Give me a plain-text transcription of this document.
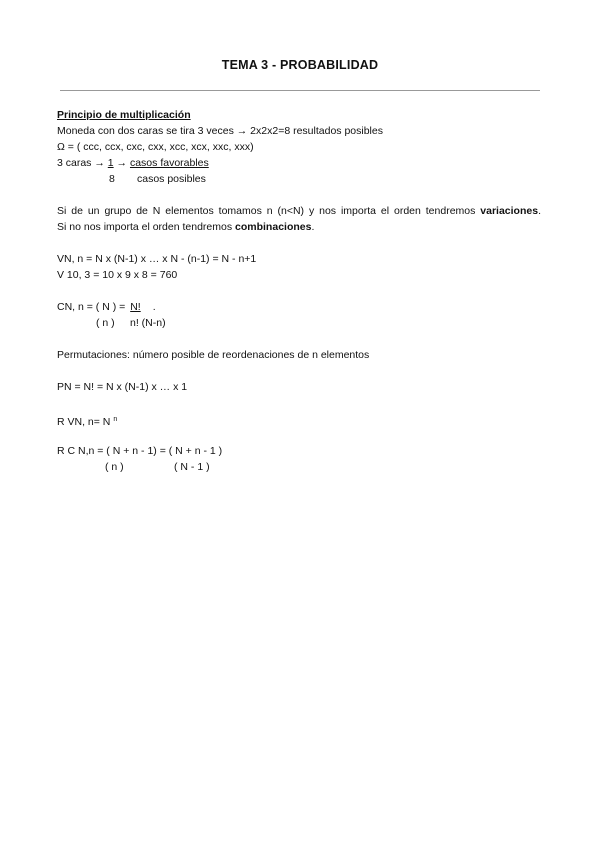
TEMA 3 - PROBABILIDAD
Principio de multiplicación
Moneda con dos caras se tira 3 veces → 2x2x2=8 resultados posibles
Ω = ( ccc, ccx, cxc, cxx, xcc, xcx, xxc, xxx)
3 caras → 1 → casos favorables
8 casos posibles
Si de un grupo de N elementos tomamos n (n<N) y nos importa el orden tendremos variaciones.
Si no nos importa el orden tendremos combinaciones.
VN, n = N x (N-1) x … x N - (n-1) = N - n+1
V 10, 3 = 10 x 9 x 8 = 760
CN, n = ( N ) = N! .
( n ) n! (N-n)
Permutaciones: número posible de reordenaciones de n elementos
PN = N! = N x (N-1) x … x 1
R VN, n= N $^n$
R C N,n = ( N + n - 1) = ( N + n - 1 )
( n )	( N - 1 )
